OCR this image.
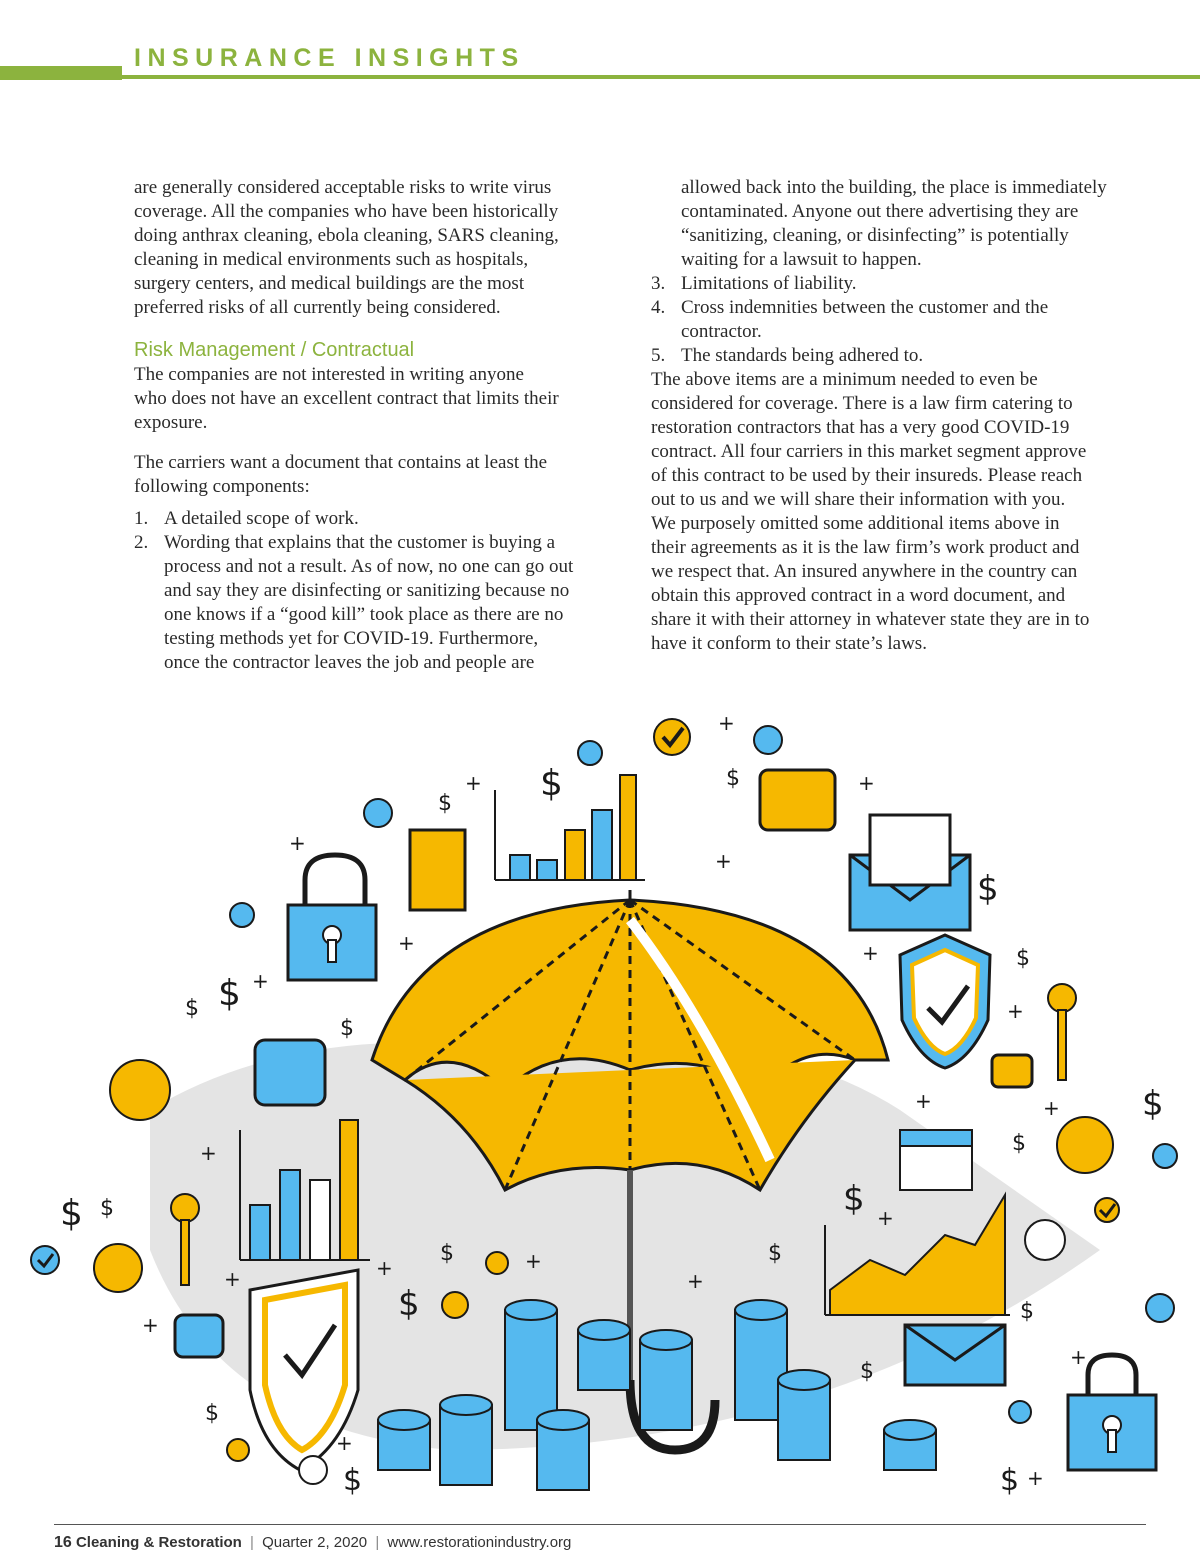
INSURANCE INSIGHTS

are generally considered acceptable risks to write virus
coverage. All the companies who have been historically
doing anthrax cleaning, ebola cleaning, SARS cleaning,
cleaning in medical environments such as hospitals,
surgery centers, and medical buildings are the most
preferred risks of all currently being considered.

Risk Management / Contractual

The companies are not interested in writing anyone
who does not have an excellent contract that limits their
exposure.

The carriers want a document that contains at least the
following components:

1. A detailed scope of work.
2. Wording that explains that the customer is buying a
process and not a result. As of now, no one can go out
and say they are disinfecting or sanitizing because no
one knows if a “good kill” took place as there are no
testing methods yet for COVID-19. Furthermore,
once the contractor leaves the job and people are
allowed back into the building, the place is immediately
contaminated. Anyone out there advertising they are
“sanitizing, cleaning, or disinfecting” is potentially
waiting for a lawsuit to happen.
3. Limitations of liability.
4. Cross indemnities between the customer and the
contractor.
5. The standards being adhered to.

The above items are a minimum needed to even be
considered for coverage. There is a law firm catering to
restoration contractors that has a very good COVID-19
contract. All four carriers in this market segment approve
of this contract to be used by their insureds. Please reach
out to us and we will share their information with you.
We purposely omitted some additional items above in
their agreements as it is the law firm’s work product and
we respect that. An insured anywhere in the country can
obtain this approved contract in a word document, and
share it with their attorney in whatever state they are in to
have it conform to their state’s laws.

$
$
$
$
$
$
$
$	$
$
$
$
$
$
$
$
$
$
$
$
$
+
+
+
+
+
+
+
+
+
+
+
+
+
+
+
+
+
+
+
+
+
16 Cleaning & Restoration | Quarter 2, 2020 | www.restorationindustry.org
